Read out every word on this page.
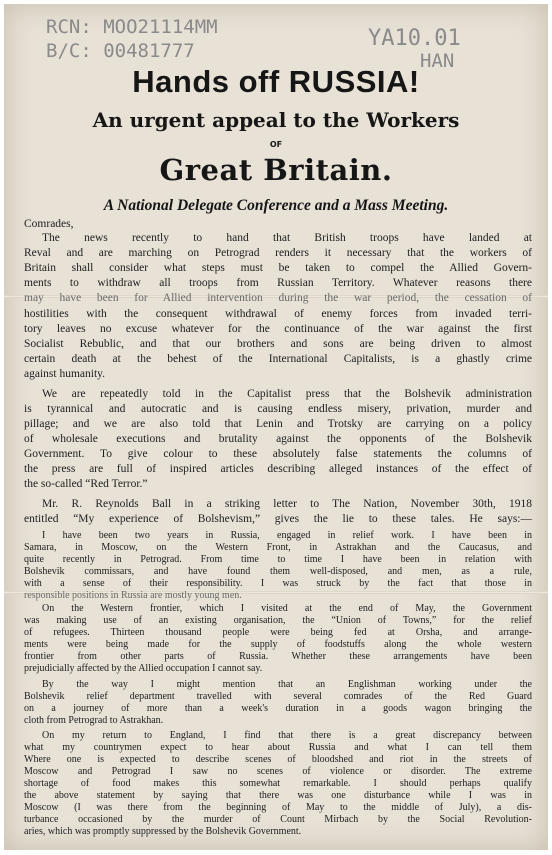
RCN: MOO21114MM
B/C: 00481777	YA10.01
HAN
Hands off RUSSIA!
An urgent appeal to the Workers
OF
Great Britain.
A National Delegate Conference and a Mass Meeting.
Comrades,
The news recently to hand that British troops have landed at
Reval and are marching on Petrograd renders it necessary that the workers of
Britain shall consider what steps must be taken to compel the Allied Govern-
ments to withdraw all troops from Russian Territory. Whatever reasons there
may have been for Allied intervention during the war period, the cessation of
hostilities with the consequent withdrawal of enemy forces from invaded terri-
tory leaves no excuse whatever for the continuance of the war against the first
Socialist Rebublic, and that our brothers and sons are being driven to almost
certain death at the behest of the International Capitalists, is a ghastly crime
against humanity.
We are repeatedly told in the Capitalist press that the Bolshevik administration
is tyrannical and autocratic and is causing endless misery, privation, murder and
pillage; and we are also told that Lenin and Trotsky are carrying on a policy
of wholesale executions and brutality against the opponents of the Bolshevik
Government. To give colour to these absolutely false statements the columns of
the press are full of inspired articles describing alleged instances of the effect of
the so-called “Red Terror.”
Mr. R. Reynolds Ball in a striking letter to The Nation, November 30th, 1918
entitled “My experience of Bolshevism,” gives the lie to these tales. He says:—
I have been two years in Russia, engaged in relief work. I have been in
Samara, in Moscow, on the Western Front, in Astrakhan and the Caucasus, and
quite recently in Petrograd. From time to time I have been in relation with
Bolshevik commissars, and have found them well-disposed, and men, as a rule,
with a sense of their responsibility. I was struck by the fact that those in
responsible positions in Russia are mostly young men.
On the Western frontier, which I visited at the end of May, the Government
was making use of an existing organisation, the “Union of Towns,” for the relief
of refugees. Thirteen thousand people were being fed at Orsha, and arrange-
ments were being made for the supply of foodstuffs along the whole western
frontier from other parts of Russia. Whether these arrangements have been
prejudicially affected by the Allied occupation I cannot say.
By the way I might mention that an Englishman working under the
Bolshevik relief department travelled with several comrades of the Red Guard
on a journey of more than a week's duration in a goods wagon bringing the
cloth from Petrograd to Astrakhan.
On my return to England, I find that there is a great discrepancy between
what my countrymen expect to hear about Russia and what I can tell them
Where one is expected to describe scenes of bloodshed and riot in the streets of
Moscow and Petrograd I saw no scenes of violence or disorder. The extreme
shortage of food makes this somewhat remarkable. I should perhaps qualify
the above statement by saying that there was one disturbance while I was in
Moscow (I was there from the beginning of May to the middle of July), a dis-
turbance occasioned by the murder of Count Mirbach by the Social Revolution-
aries, which was promptly suppressed by the Bolshevik Government.
